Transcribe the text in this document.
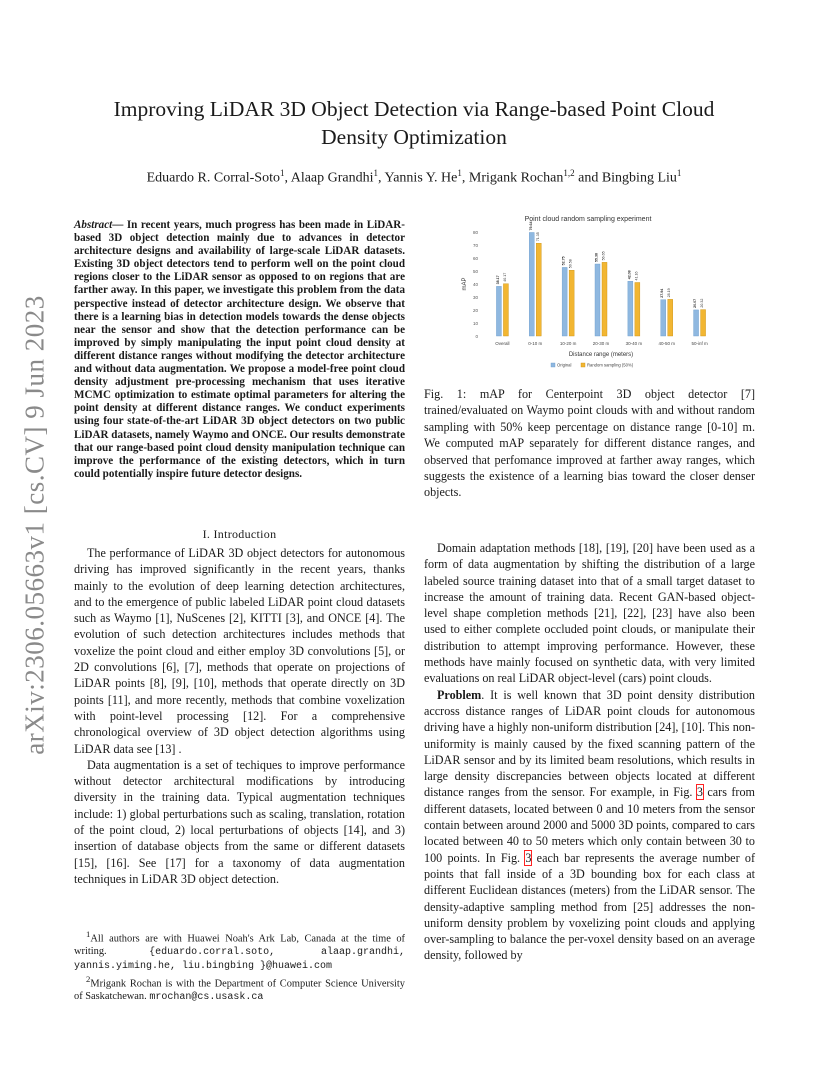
Improving LiDAR 3D Object Detection via Range-based Point Cloud Density Optimization
Eduardo R. Corral-Soto$^1$, Alaap Grandhi$^1$, Yannis Y. He$^1$, Mrigank Rochan$^{1,2}$ and Bingbing Liu$^1$
arXiv:2306.05663v1 [cs.CV] 9 Jun 2023
Abstract— In recent years, much progress has been made in LiDAR-based 3D object detection mainly due to advances in detector architecture designs and availability of large-scale LiDAR datasets. Existing 3D object detectors tend to perform well on the point cloud regions closer to the LiDAR sensor as opposed to on regions that are farther away. In this paper, we investigate this problem from the data perspective instead of detector architecture design. We observe that there is a learning bias in detection models towards the dense objects near the sensor and show that the detection performance can be improved by simply manipulating the input point cloud density at different distance ranges without modifying the detector architecture and without data augmentation. We propose a model-free point cloud density adjustment pre-processing mechanism that uses iterative MCMC optimization to estimate optimal parameters for altering the point density at different distance ranges. We conduct experiments using four state-of-the-art LiDAR 3D object detectors on two public LiDAR datasets, namely Waymo and ONCE. Our results demonstrate that our range-based point cloud density manipulation technique can improve the performance of the existing detectors, which in turn could potentially inspire future detector designs.
I. Introduction

The performance of LiDAR 3D object detectors for autonomous driving has improved significantly in the recent years, thanks mainly to the evolution of deep learning detection architectures, and to the emergence of public labeled LiDAR point cloud datasets such as Waymo [1], NuScenes [2], KITTI [3], and ONCE [4]. The evolution of such detection architectures includes methods that voxelize the point cloud and either employ 3D convolutions [5], or 2D convolutions [6], [7], methods that operate on projections of LiDAR points [8], [9], [10], methods that operate directly on 3D points [11], and more recently, methods that combine voxelization with point-level processing [12]. For a comprehensive chronological overview of 3D object detection algorithms using LiDAR data see [13] .

Data augmentation is a set of techiques to improve performance without detector architectural modifications by introducing diversity in the training data. Typical augmentation techniques include: 1) global perturbations such as scaling, translation, rotation of the point cloud, 2) local perturbations of objects [14], and 3) insertion of database objects from the same or different datasets [15], [16]. See [17] for a taxonomy of data augmentation techniques in LiDAR 3D object detection.

$^1$All authors are with Huawei Noah's Ark Lab, Canada at the time of writing.	{eduardo.corral.soto, alaap.grandhi, yannis.yiming.he, liu.bingbing }@huawei.com

$^2$Mrigank Rochan is with the Department of Computer Science University of Saskatchewan. mrochan@cs.usask.ca

Point cloud random sampling experiment
0
10
20
30
40
50
60
70
80
mAP
Overall
38.17 40.17
0-10 m
79.64
71.35
10-20 m
52.75 50.58
20-30 m
55.38 56.65
30-40 m
42.08 41.16
40-50 m
27.94 28.19
50-inf m
20.07 20.32
Distance range (meters)
Original	Random sampling (50%)
Fig. 1: mAP for Centerpoint 3D object detector [7] trained/evaluated on Waymo point clouds with and without random sampling with 50% keep percentage on distance range [0-10] m. We computed mAP separately for different distance ranges, and observed that perfomance improved at farther away ranges, which suggests the existence of a learning bias toward the closer denser objects.

Domain adaptation methods [18], [19], [20] have been used as a form of data augmentation by shifting the distribution of a large labeled source training dataset into that of a small target dataset to increase the amount of training data. Recent GAN-based object-level shape completion methods [21], [22], [23] have also been used to either complete occluded point clouds, or manipulate their distribution to attempt improving performance. However, these methods have mainly focused on synthetic data, with very limited evaluations on real LiDAR object-level (cars) point clouds.

Problem. It is well known that 3D point density distribution accross distance ranges of LiDAR point clouds for autonomous driving have a highly non-uniform distribution [24], [10]. This non-uniformity is mainly caused by the fixed scanning pattern of the LiDAR sensor and by its limited beam resolutions, which results in large density discrepancies between objects located at different distance ranges from the sensor. For example, in Fig. 3 cars from different datasets, located between 0 and 10 meters from the sensor contain between around 2000 and 5000 3D points, compared to cars located between 40 to 50 meters which only contain between 30 to 100 points. In Fig. 3 each bar represents the average number of points that fall inside of a 3D bounding box for each class at different Euclidean distances (meters) from the LiDAR sensor. The density-adaptive sampling method from [25] addresses the non-uniform density problem by voxelizing point clouds and applying over-sampling to balance the per-voxel density based on an average density, followed by
